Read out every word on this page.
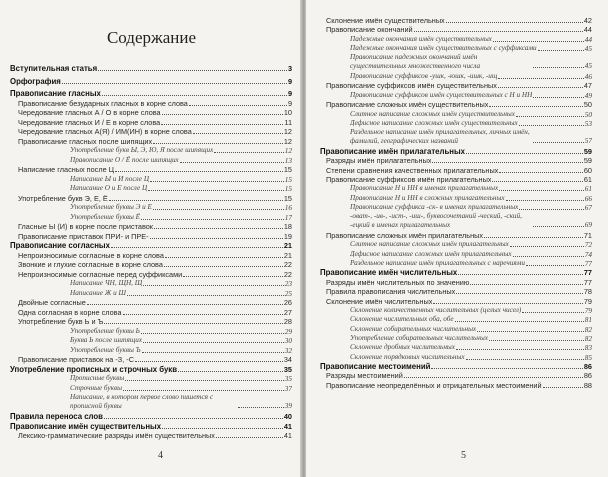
Содержание
Вступительная статья	3
Орфография	9
Правописание гласных	9
Правописание безударных гласных в корне слова	9
Чередование гласных А / О в корне слова	10
Чередование гласных И / Е в корне слова	11
Чередование гласных А(Я) / ИМ(ИН) в корне слова	12
Правописание гласных после шипящих	12
Употребление букв Ы, Э, Ю, Я после шипящих	12
Правописание О / Ё после шипящих	13
Написание гласных после Ц	15
Написание Ы и И после Ц	15
Написание О и Е после Ц	15
Употребление букв Э, Е, Ё	15
Употребление буквы Э и Е	16
Употребление буквы Ё	17
Гласные Ы (И) в корне после приставок	18
Правописание приставок ПРИ- и ПРЕ-	19
Правописание согласных	21
Непроизносимые согласные в корне слова	21
Звонкие и глухие согласные в корне слова	22
Непроизносимые согласные перед суффиксами	22
Написание ЧН, ЩН, Щ	23
Написание Ж и Ш	25
Двойные согласные	26
Одна согласная в корне слова	27
Употребление букв Ь и Ъ	28
Употребление буквы Ь	29
Буква Ь после шипящих	30
Употребление буквы Ъ	32
Правописание приставок на -З, -С	34
Употребление прописных и строчных букв	35
Прописные буквы	35
Строчные буквы	37
Написание, в котором первое слово пишется с прописной буквы	39
Правила переноса слов	40
Правописание имён существительных	41
Лексико-грамматические разряды имён существительных	41
4
Склонение имён существительных	42
Правописание окончаний	44
Падежные окончания имён существительных	44
Падежные окончания имён существительных с суффиксами	45
Правописание падежных окончаний имён существительных множественного числа	45
Правописание суффиксов -ушк, -юшк, -ишк, -ищ	46
Правописание суффиксов имён существительных	47
Правописание суффиксов имён существительных с Н и НН	49
Правописание сложных имён существительных	50
Слитное написание сложных имён существительных	50
Дефисное написание сложных имён существительных	53
Раздельное написание имён прилагательных, личных имён, фамилий, географических названий	57
Правописание имён прилагательных	59
Разряды имён прилагательных	59
Степени сравнения качественных прилагательных	60
Правописание суффиксов имён прилагательных	61
Правописание Н и НН в именах прилагательных	61
Правописание Н и НН в сложных прилагательных	66
Правописание суффикса -ск- в именах прилагательных	67
-оват-, -ив-, -ист-, -иш-, буквосочетаний -ческий, -ский, -ецкий в именах прилагательных	69
Правописание сложных имён прилагательных	71
Слитное написание сложных имён прилагательных	72
Дефисное написание сложных имён прилагательных	74
Раздельное написание имён прилагательных с наречиями	77
Правописание имён числительных	77
Разряды имён числительных по значению	77
Правила правописания числительных	78
Склонение имён числительных	79
Склонение количественных числительных (целых чисел)	79
Склонение числительных оба, обе	81
Склонение собирательных числительных	82
Употребление собирательных числительных	82
Склонение дробных числительных	83
Склонение порядковых числительных	85
Правописание местоимений	86
Разряды местоимений	86
Правописание неопределённых и отрицательных местоимений	88
5
